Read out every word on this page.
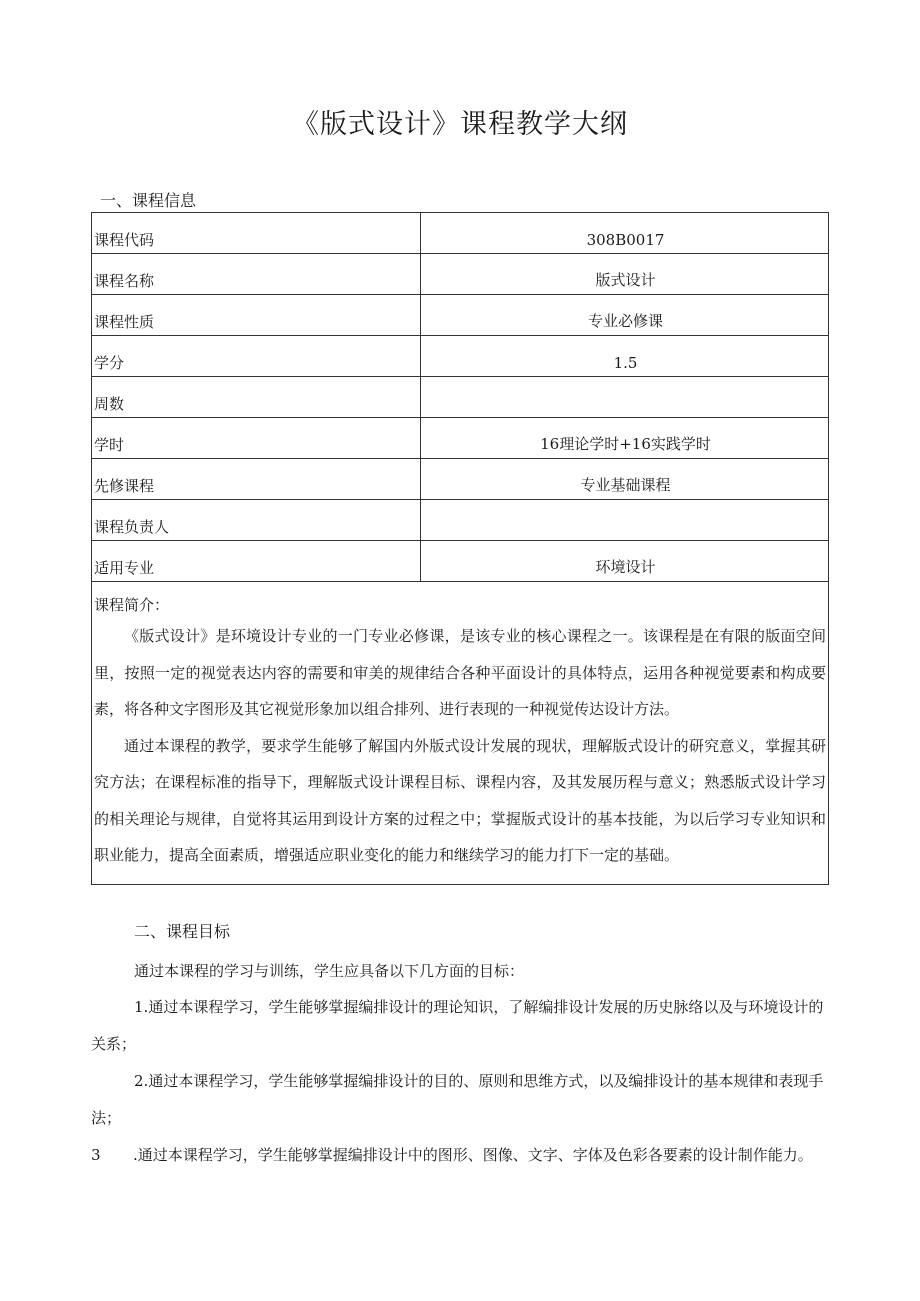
《版式设计》课程教学大纲
一、课程信息
课程代码	308B0017
课程名称	版式设计
课程性质	专业必修课
学分	1.5
周数	
学时	16理论学时+16实践学时
先修课程	专业基础课程
课程负责人	
适用专业	环境设计

课程简介：

《版式设计》是环境设计专业的一门专业必修课，是该专业的核心课程之一。该课程是在有限的版面空间里，按照一定的视觉表达内容的需要和审美的规律结合各种平面设计的具体特点，运用各种视觉要素和构成要素，将各种文字图形及其它视觉形象加以组合排列、进行表现的一种视觉传达设计方法。

通过本课程的教学，要求学生能够了解国内外版式设计发展的现状，理解版式设计的研究意义，掌握其研究方法；在课程标准的指导下，理解版式设计课程目标、课程内容，及其发展历程与意义；熟悉版式设计学习的相关理论与规律，自觉将其运用到设计方案的过程之中；掌握版式设计的基本技能，为以后学习专业知识和职业能力，提高全面素质，增强适应职业变化的能力和继续学习的能力打下一定的基础。	

二、课程目标
通过本课程的学习与训练，学生应具备以下几方面的目标：
1.通过本课程学习，学生能够掌握编排设计的理论知识，了解编排设计发展的历史脉络以及与环境设计的关系；
2.通过本课程学习，学生能够掌握编排设计的目的、原则和思维方式，以及编排设计的基本规律和表现手法；
3 .通过本课程学习，学生能够掌握编排设计中的图形、图像、文字、字体及色彩各要素的设计制作能力。
